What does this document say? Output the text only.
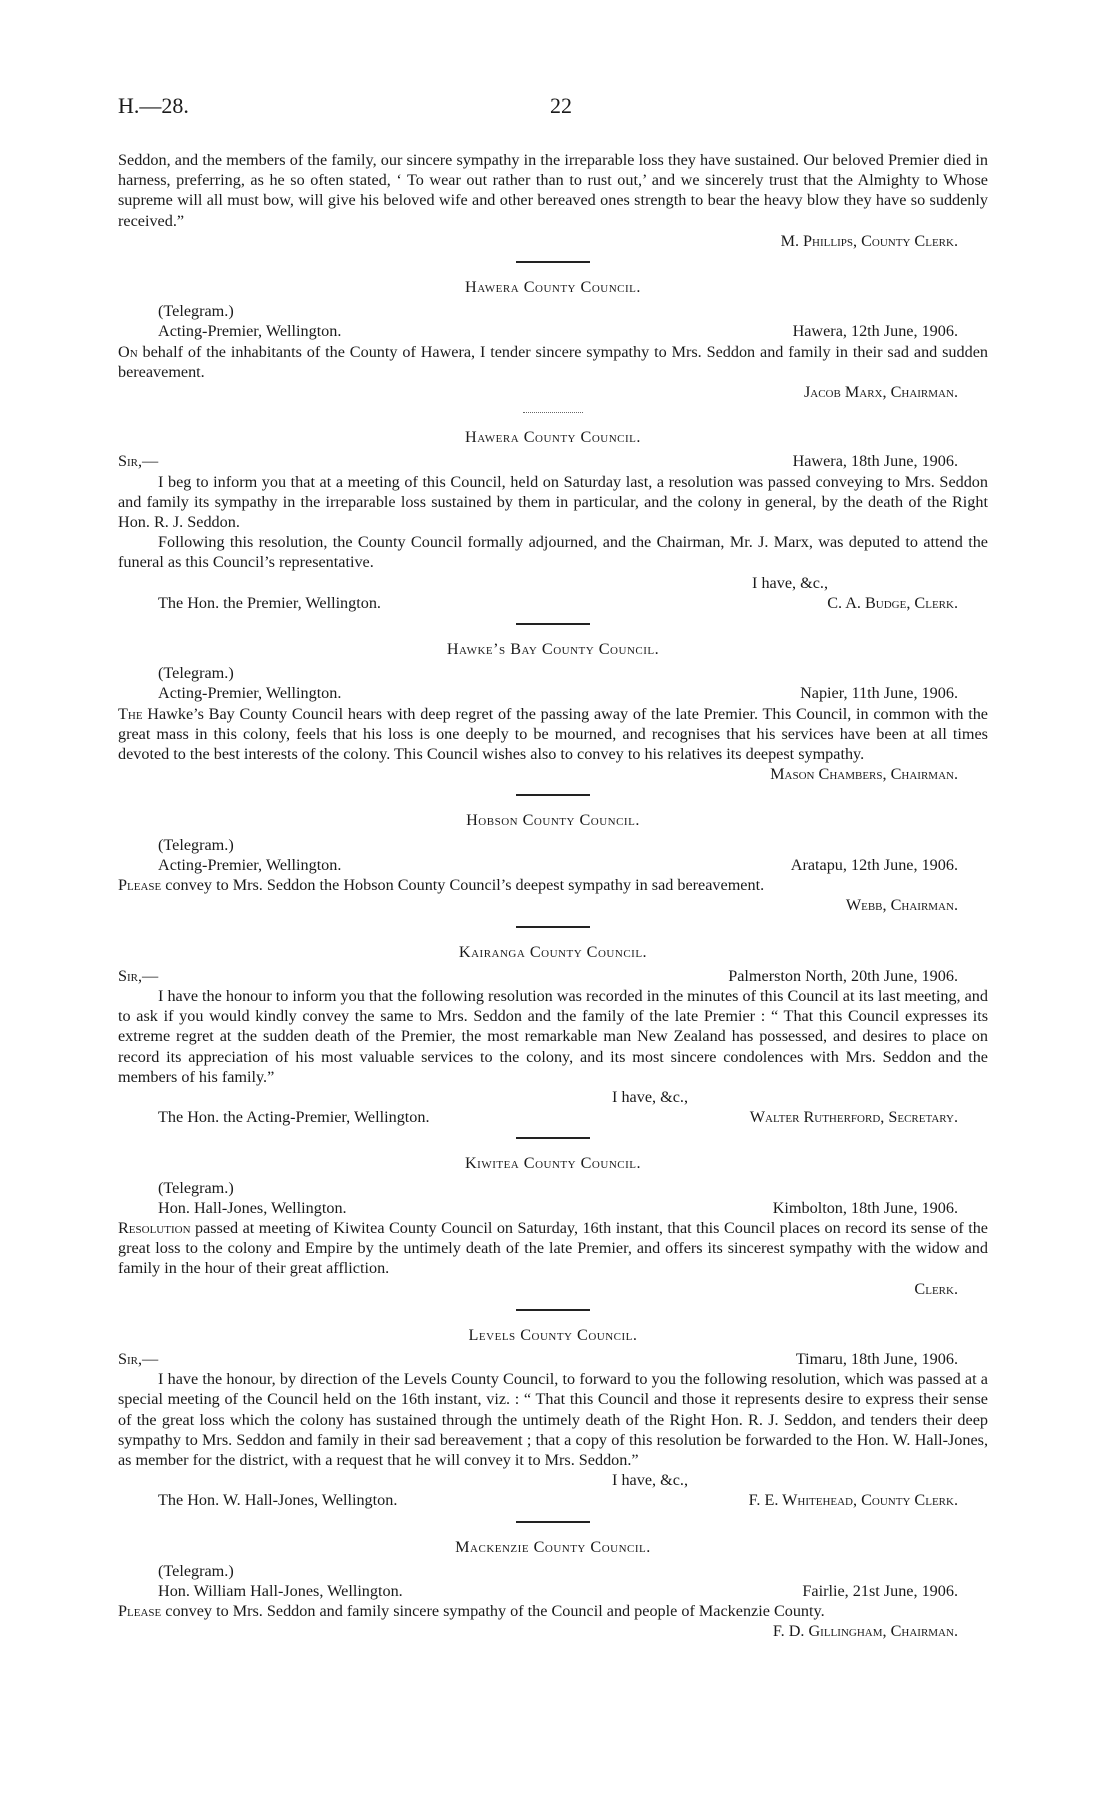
H.—28.	22

Seddon, and the members of the family, our sincere sympathy in the irreparable loss they have sustained. Our beloved Premier died in harness, preferring, as he so often stated, ‘ To wear out rather than to rust out,’ and we sincerely trust that the Almighty to Whose supreme will all must bow, will give his beloved wife and other bereaved ones strength to bear the heavy blow they have so suddenly received.”

M. Phillips, County Clerk.

Hawera County Council.

(Telegram.)

Acting-Premier, Wellington.	Hawera, 12th June, 1906.

On behalf of the inhabitants of the County of Hawera, I tender sincere sympathy to Mrs. Seddon and family in their sad and sudden bereavement.

Jacob Marx, Chairman.

Hawera County Council.

Sir,—	Hawera, 18th June, 1906.

I beg to inform you that at a meeting of this Council, held on Saturday last, a resolution was passed conveying to Mrs. Seddon and family its sympathy in the irreparable loss sustained by them in particular, and the colony in general, by the death of the Right Hon. R. J. Seddon.

Following this resolution, the County Council formally adjourned, and the Chairman, Mr. J. Marx, was deputed to attend the funeral as this Council’s representative.

I have, &c.,

The Hon. the Premier, Wellington.	C. A. Budge, Clerk.

Hawke’s Bay County Council.

(Telegram.)

Acting-Premier, Wellington.	Napier, 11th June, 1906.

The Hawke’s Bay County Council hears with deep regret of the passing away of the late Premier. This Council, in common with the great mass in this colony, feels that his loss is one deeply to be mourned, and recognises that his services have been at all times devoted to the best interests of the colony. This Council wishes also to convey to his relatives its deepest sympathy.

Mason Chambers, Chairman.

Hobson County Council.

(Telegram.)

Acting-Premier, Wellington.	Aratapu, 12th June, 1906.

Please convey to Mrs. Seddon the Hobson County Council’s deepest sympathy in sad bereavement.

Webb, Chairman.

Kairanga County Council.

Sir,—	Palmerston North, 20th June, 1906.

I have the honour to inform you that the following resolution was recorded in the minutes of this Council at its last meeting, and to ask if you would kindly convey the same to Mrs. Seddon and the family of the late Premier : “ That this Council expresses its extreme regret at the sudden death of the Premier, the most remarkable man New Zealand has possessed, and desires to place on record its appreciation of his most valuable services to the colony, and its most sincere condolences with Mrs. Seddon and the members of his family.”

I have, &c.,

The Hon. the Acting-Premier, Wellington.	Walter Rutherford, Secretary.

Kiwitea County Council.

(Telegram.)

Hon. Hall-Jones, Wellington.	Kimbolton, 18th June, 1906.

Resolution passed at meeting of Kiwitea County Council on Saturday, 16th instant, that this Council places on record its sense of the great loss to the colony and Empire by the untimely death of the late Premier, and offers its sincerest sympathy with the widow and family in the hour of their great affliction.

Clerk.

Levels County Council.

Sir,—	Timaru, 18th June, 1906.

I have the honour, by direction of the Levels County Council, to forward to you the following resolution, which was passed at a special meeting of the Council held on the 16th instant, viz. : “ That this Council and those it represents desire to express their sense of the great loss which the colony has sustained through the untimely death of the Right Hon. R. J. Seddon, and tenders their deep sympathy to Mrs. Seddon and family in their sad bereavement ; that a copy of this resolution be forwarded to the Hon. W. Hall-Jones, as member for the district, with a request that he will convey it to Mrs. Seddon.”

I have, &c.,

The Hon. W. Hall-Jones, Wellington.	F. E. Whitehead, County Clerk.

Mackenzie County Council.

(Telegram.)

Hon. William Hall-Jones, Wellington.	Fairlie, 21st June, 1906.

Please convey to Mrs. Seddon and family sincere sympathy of the Council and people of Mackenzie County.

F. D. Gillingham, Chairman.
